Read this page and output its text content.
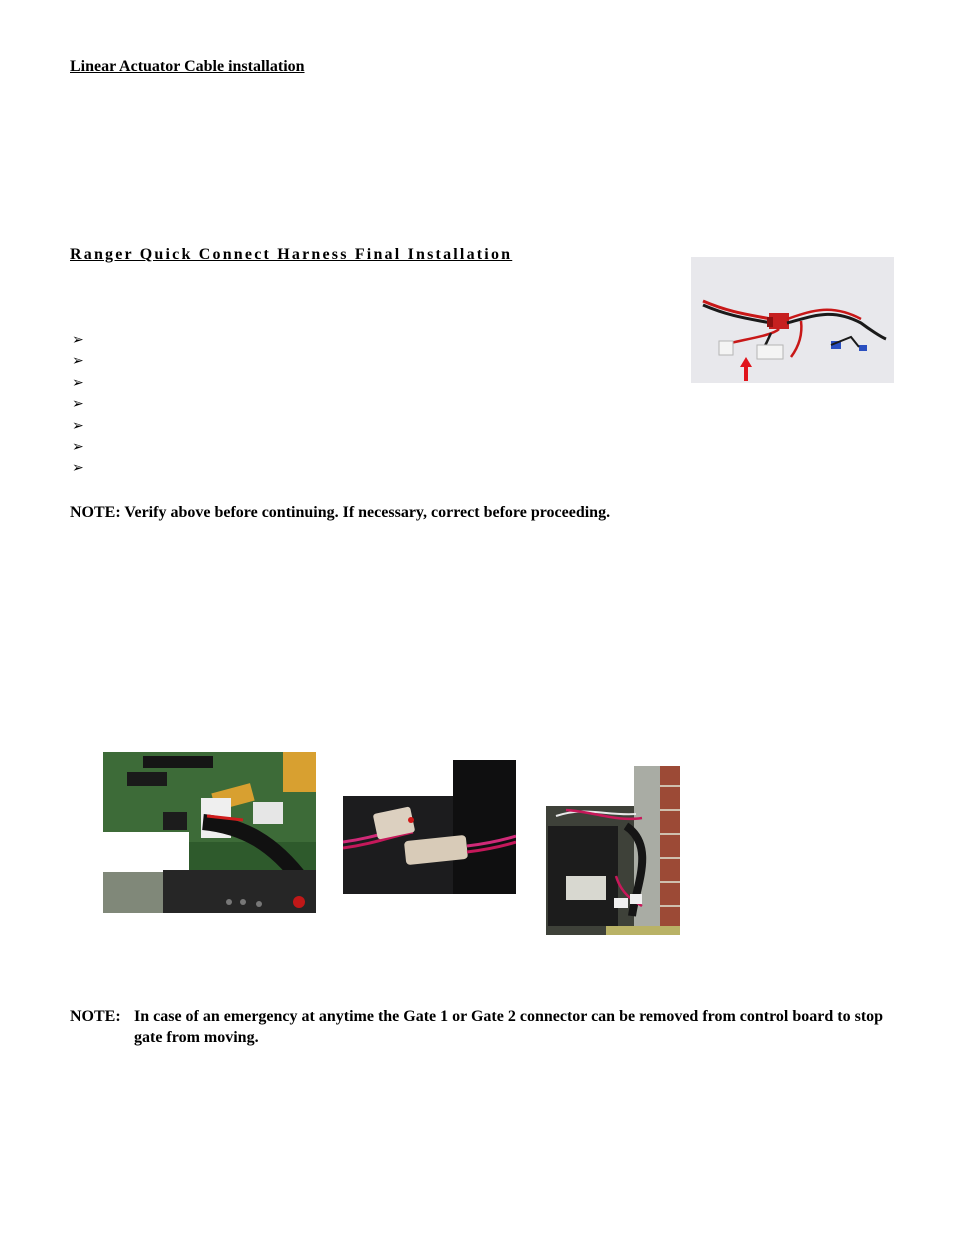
Linear Actuator Cable installation
Ranger Quick Connect Harness Final Installation
➢
➢
➢
➢
➢
➢
➢
NOTE: Verify above before continuing. If necessary, correct before proceeding.
NOTE: In case of an emergency at anytime the Gate 1 or Gate 2 connector can be removed from control board to stop gate from moving.
